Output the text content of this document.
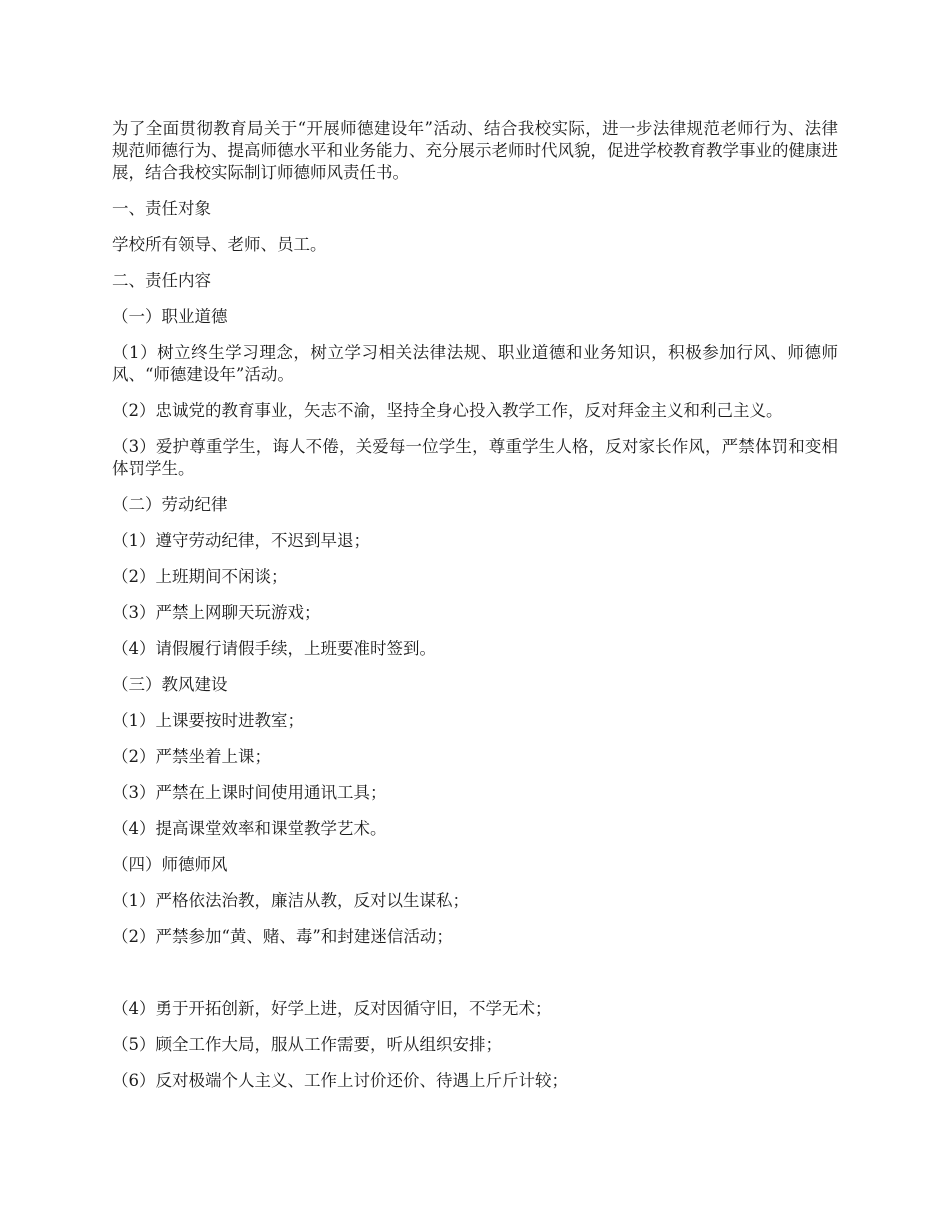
为了全面贯彻教育局关于“开展师德建设年”活动、结合我校实际，进一步法律规范老师行为、法律规范师德行为、提高师德水平和业务能力、充分展示老师时代风貌，促进学校教育教学事业的健康进展，结合我校实际制订师德师风责任书。

一、责任对象

学校所有领导、老师、员工。

二、责任内容

（一）职业道德

（1）树立终生学习理念，树立学习相关法律法规、职业道德和业务知识，积极参加行风、师德师风、“师德建设年”活动。

（2）忠诚党的教育事业，矢志不渝，坚持全身心投入教学工作，反对拜金主义和利己主义。

（3）爱护尊重学生，诲人不倦，关爱每一位学生，尊重学生人格，反对家长作风，严禁体罚和变相体罚学生。

（二）劳动纪律

（1）遵守劳动纪律，不迟到早退；

（2）上班期间不闲谈；

（3）严禁上网聊天玩游戏；

（4）请假履行请假手续，上班要准时签到。

（三）教风建设

（1）上课要按时进教室；

（2）严禁坐着上课；

（3）严禁在上课时间使用通讯工具；

（4）提高课堂效率和课堂教学艺术。

（四）师德师风

（1）严格依法治教，廉洁从教，反对以生谋私；

（2）严禁参加“黄、赌、毒”和封建迷信活动；

（4）勇于开拓创新，好学上进，反对因循守旧，不学无术；

（5）顾全工作大局，服从工作需要，听从组织安排；

（6）反对极端个人主义、工作上讨价还价、待遇上斤斤计较；
